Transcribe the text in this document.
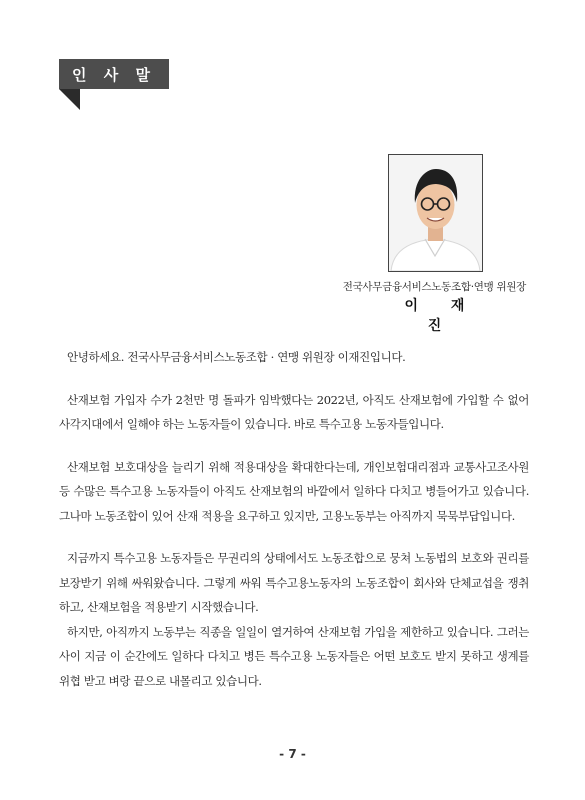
인 사 말
전국사무금융서비스노동조합·연맹 위원장
이 재 진

안녕하세요. 전국사무금융서비스노동조합 · 연맹 위원장 이재진입니다.

산재보험 가입자 수가 2천만 명 돌파가 임박했다는 2022년, 아직도 산재보험에 가입할 수 없어 사각지대에서 일해야 하는 노동자들이 있습니다. 바로 특수고용 노동자들입니다.

산재보험 보호대상을 늘리기 위해 적용대상을 확대한다는데, 개인보험대리점과 교통사고조사원 등 수많은 특수고용 노동자들이 아직도 산재보험의 바깥에서 일하다 다치고 병들어가고 있습니다. 그나마 노동조합이 있어 산재 적용을 요구하고 있지만, 고용노동부는 아직까지 묵묵부답입니다.

지금까지 특수고용 노동자들은 무권리의 상태에서도 노동조합으로 뭉쳐 노동법의 보호와 권리를 보장받기 위해 싸워왔습니다. 그렇게 싸워 특수고용노동자의 노동조합이 회사와 단체교섭을 쟁취하고, 산재보험을 적용받기 시작했습니다.

하지만, 아직까지 노동부는 직종을 일일이 열거하여 산재보험 가입을 제한하고 있습니다. 그러는 사이 지금 이 순간에도 일하다 다치고 병든 특수고용 노동자들은 어떤 보호도 받지 못하고 생계를 위협 받고 벼랑 끝으로 내몰리고 있습니다.

- 7 -
